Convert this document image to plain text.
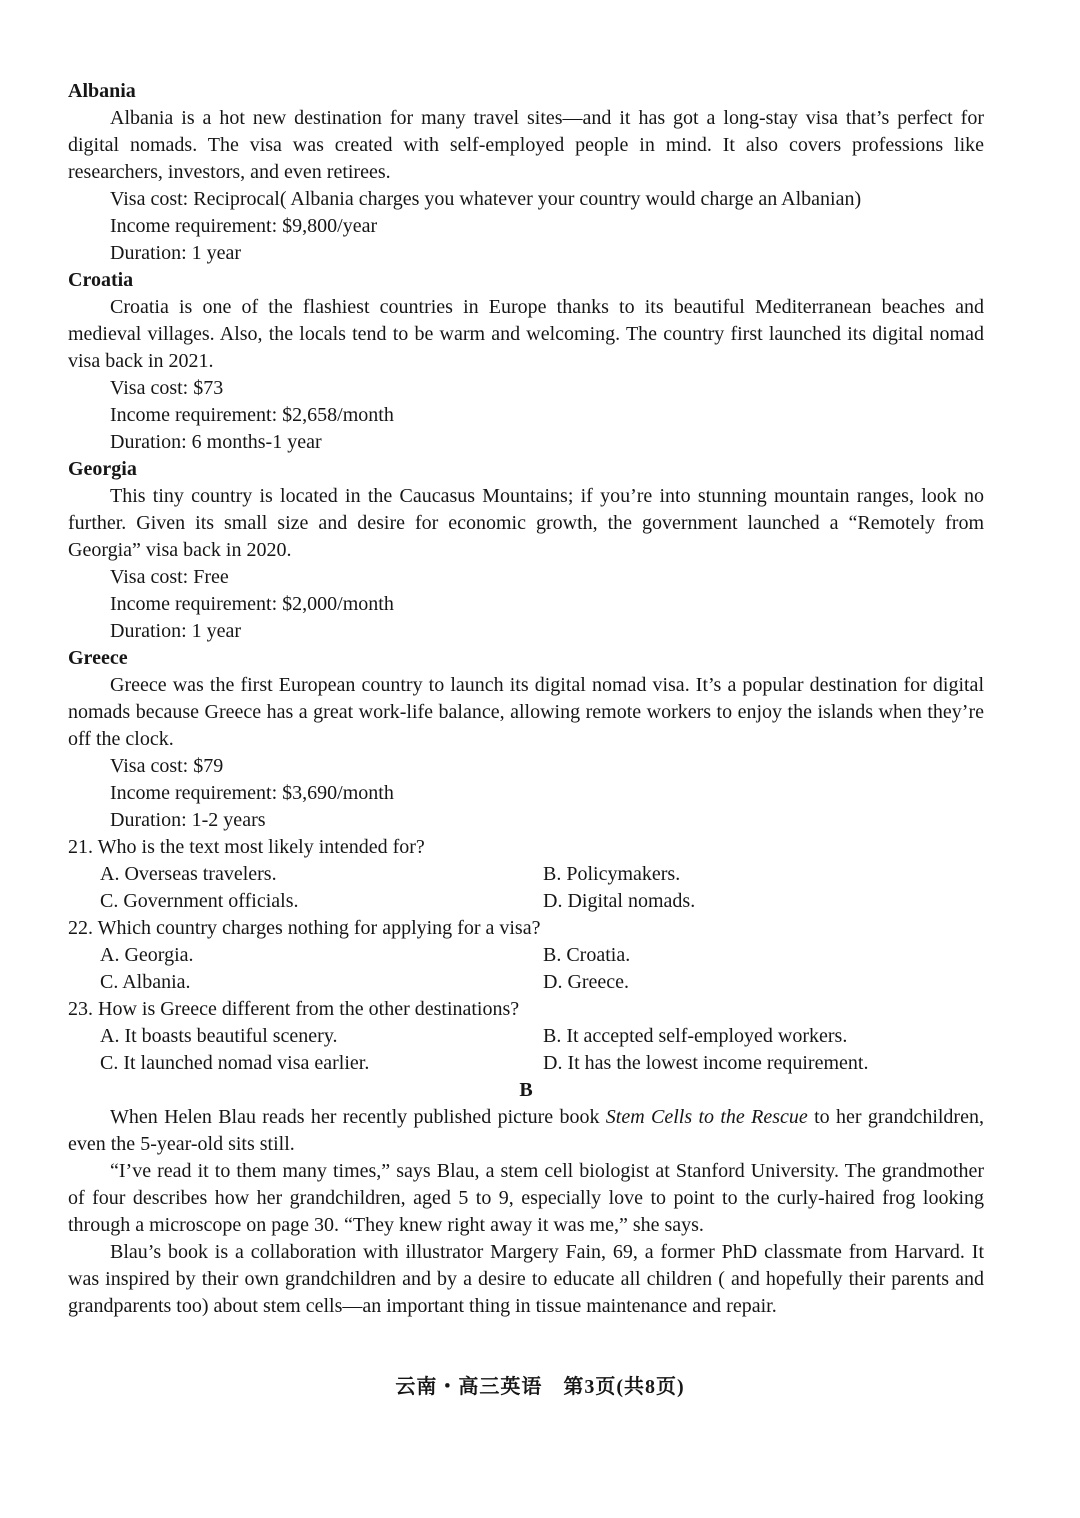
Albania
Albania is a hot new destination for many travel sites—and it has got a long-stay visa that’s perfect for digital nomads. The visa was created with self-employed people in mind. It also covers professions like researchers, investors, and even retirees.
Visa cost: Reciprocal( Albania charges you whatever your country would charge an Albanian)
Income requirement: $9,800/year
Duration: 1 year
Croatia
Croatia is one of the flashiest countries in Europe thanks to its beautiful Mediterranean beaches and medieval villages. Also, the locals tend to be warm and welcoming. The country first launched its digital nomad visa back in 2021.
Visa cost: $73
Income requirement: $2,658/month
Duration: 6 months-1 year
Georgia
This tiny country is located in the Caucasus Mountains; if you’re into stunning mountain ranges, look no further. Given its small size and desire for economic growth, the government launched a “Remotely from Georgia” visa back in 2020.
Visa cost: Free
Income requirement: $2,000/month
Duration: 1 year
Greece
Greece was the first European country to launch its digital nomad visa. It’s a popular destination for digital nomads because Greece has a great work-life balance, allowing remote workers to enjoy the islands when they’re off the clock.
Visa cost: $79
Income requirement: $3,690/month
Duration: 1-2 years
21. Who is the text most likely intended for?
A. Overseas travelers.	B. Policymakers.
C. Government officials.	D. Digital nomads.
22. Which country charges nothing for applying for a visa?
A. Georgia.	B. Croatia.
C. Albania.	D. Greece.
23. How is Greece different from the other destinations?
A. It boasts beautiful scenery.	B. It accepted self-employed workers.
C. It launched nomad visa earlier.	D. It has the lowest income requirement.
B
When Helen Blau reads her recently published picture book Stem Cells to the Rescue to her grandchildren, even the 5-year-old sits still.
“I’ve read it to them many times,” says Blau, a stem cell biologist at Stanford University. The grandmother of four describes how her grandchildren, aged 5 to 9, especially love to point to the curly-haired frog looking through a microscope on page 30. “They knew right away it was me,” she says.
Blau’s book is a collaboration with illustrator Margery Fain, 69, a former PhD classmate from Harvard. It was inspired by their own grandchildren and by a desire to educate all children ( and hopefully their parents and grandparents too) about stem cells—an important thing in tissue maintenance and repair.
云南・高三英语　第3页(共8页)
